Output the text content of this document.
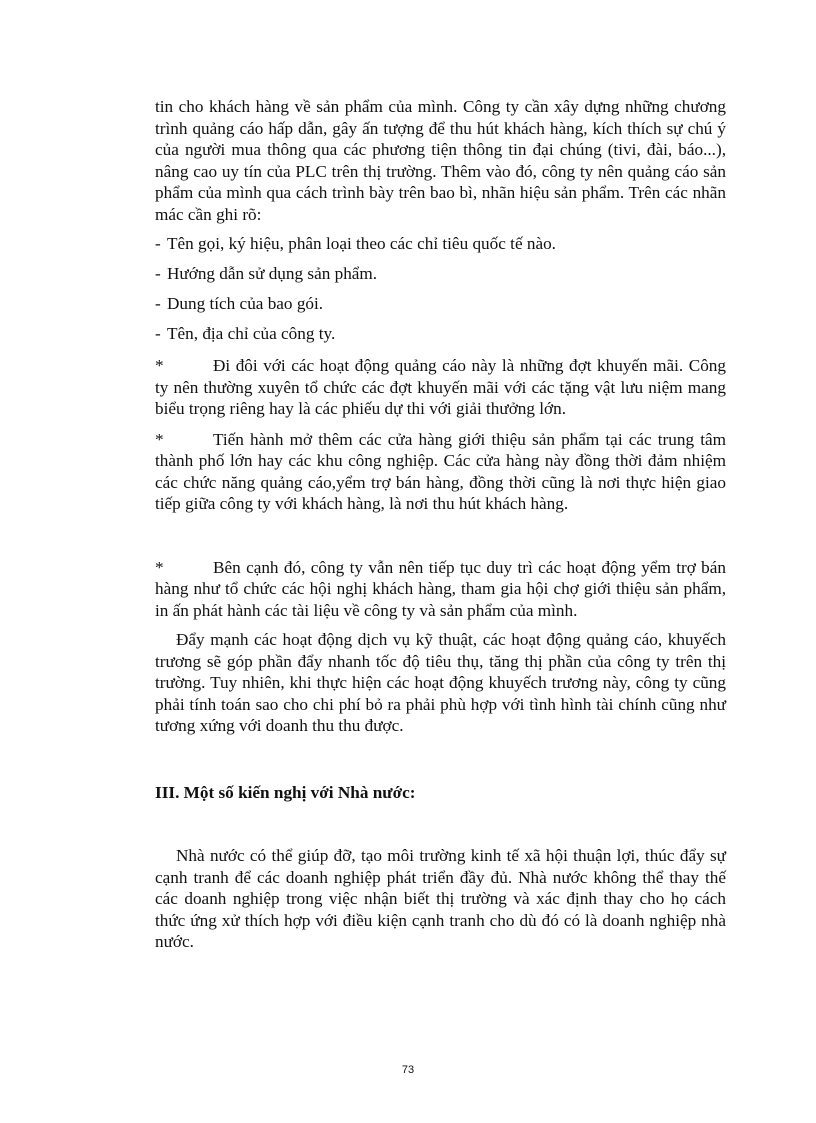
tin cho khách hàng về sản phẩm của mình. Công ty cần xây dựng những chương trình quảng cáo hấp dẫn, gây ấn tượng để thu hút khách hàng, kích thích sự chú ý của người mua thông qua các phương tiện thông tin đại chúng (tivi, đài, báo...), nâng cao uy tín của PLC trên thị trường. Thêm vào đó, công ty nên quảng cáo sản phẩm của mình qua cách trình bày trên bao bì, nhãn hiệu sản phẩm. Trên các nhãn mác cần ghi rõ:

- Tên gọi, ký hiệu, phân loại theo các chỉ tiêu quốc tế nào.
- Hướng dẫn sử dụng sản phẩm.
- Dung tích của bao gói.
- Tên, địa chỉ của công ty.

*	Đi đôi với các hoạt động quảng cáo này là những đợt khuyến mãi. Công ty nên thường xuyên tổ chức các đợt khuyến mãi với các tặng vật lưu niệm mang biểu trọng riêng hay là các phiếu dự thi với giải thưởng lớn.

*	Tiến hành mở thêm các cửa hàng giới thiệu sản phẩm tại các trung tâm thành phố lớn hay các khu công nghiệp. Các cửa hàng này đồng thời đảm nhiệm các chức năng quảng cáo,yểm trợ bán hàng, đồng thời cũng là nơi thực hiện giao tiếp giữa công ty với khách hàng, là nơi thu hút khách hàng.

*	Bên cạnh đó, công ty vẫn nên tiếp tục duy trì các hoạt động yểm trợ bán hàng như tổ chức các hội nghị khách hàng, tham gia hội chợ giới thiệu sản phẩm, in ấn phát hành các tài liệu về công ty và sản phẩm của mình.

Đẩy mạnh các hoạt động dịch vụ kỹ thuật, các hoạt động quảng cáo, khuyếch trương sẽ góp phần đẩy nhanh tốc độ tiêu thụ, tăng thị phần của công ty trên thị trường. Tuy nhiên, khi thực hiện các hoạt động khuyếch trương này, công ty cũng phải tính toán sao cho chi phí bỏ ra phải phù hợp với tình hình tài chính cũng như tương xứng với doanh thu thu được.

III. Một số kiến nghị với Nhà nước:

Nhà nước có thể giúp đỡ, tạo môi trường kinh tế xã hội thuận lợi, thúc đẩy sự cạnh tranh để các doanh nghiệp phát triển đầy đủ. Nhà nước không thể thay thế các doanh nghiệp trong việc nhận biết thị trường và xác định thay cho họ cách thức ứng xử thích hợp với điều kiện cạnh tranh cho dù đó có là doanh nghiệp nhà nước.

73
